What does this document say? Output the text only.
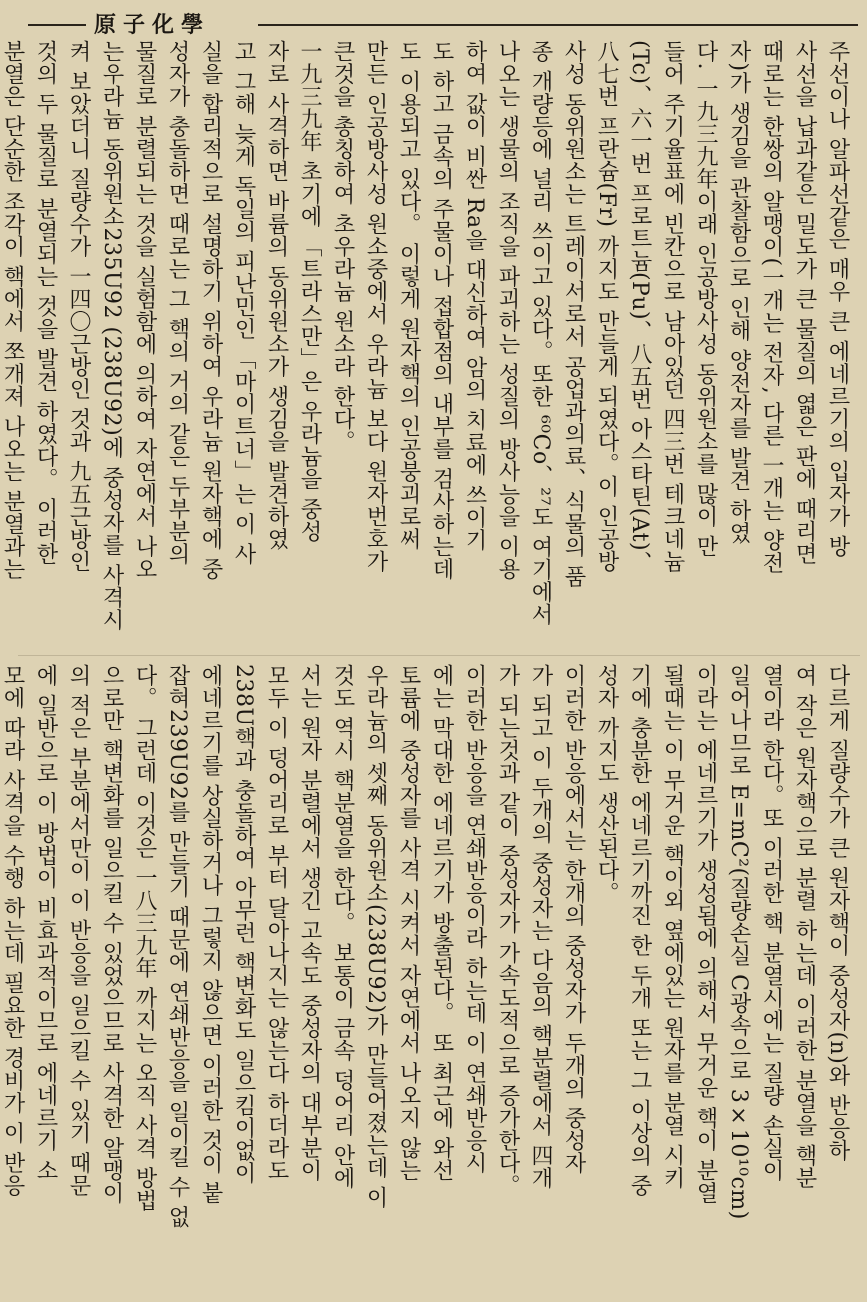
原子化學
주선이나 알파선같은 매우 큰 에네르기의 입자가 방
사선을 납과같은 밀도가 큰 물질의 엷은 판에 때리면
때로는 한쌍의 알맹이(一개는 전자, 다른 一개는 양전
자)가 생김을 관찰함으로 인해 양전자를 발견 하였
다. 一九三九年이래 인공방사성 동위원소를 많이 만
들어 주기율표에 빈칸으로 남아있던 四三번 테크네늄
(Tc)、六一번 프로트늄(Pu)、八五번 아스타틴(At)、
八七번 프란슘(Fr) 까지도 만들게 되였다。이 인공방
사성 동위원소는 트레이서로서 공업과의료、식물의 품
종 개량등에 널리 쓰이고 있다。또한 ⁶⁰Co、²⁷도 여기에서
나오는 생물의 조직을 파괴하는 성질의 방사능을 이용
하여 값이 비싼 Ra을 대신하여 암의 치료에 쓰이기
도 하고 금속의 주물이나 접합점의 내부를 검사하는데
도 이용되고 있다。 이렇게 원자핵의 인공붕괴로써
만든 인공방사성 원소중에서 우라늄 보다 원자번호가
큰것을 총칭하여 초우라늄 원소라 한다。
一九三九年 초기에 「트라스만」은 우라늄을 중성
자로 사격하면 바륨의 동위원소가 생김을 발견하였
고 그해 늦게 독일의 피난민인 「마이트너」는 이 사
실을 합리적으로 설명하기 위하여 우라늄 원자핵에 중
성자가 충돌하면 때로는 그 핵의 거의 같은 두부분의
물질로 분렬되는 것을 실험함에 의하여 자연에서 나오
는우라늄 동위원소235U92 (238U92)에 중성자를 사격시
켜 보았더니 질량수가 一四〇근방인 것과 九五근방인
것의 두 물질로 분열되는 것을 발견 하였다。 이러한
분열은 단순한 조각이 핵에서 쪼개져 나오는 분열과는
다르게 질량수가 큰 원자핵이 중성자(n)와 반응하
여 작은 원자핵으로 분렬 하는데 이러한 분열을 핵분
열이라 한다。또 이러한 핵 분열시에는 질량 손실이
일어나므로 E=mC²(질량손실 C광속으로 3×10¹⁰cm)
이라는 에네르기가 생성됨에 의해서 무거운 핵이 분열
될때는 이 무거운 핵이외 옆에있는 원자를 분열 시키
기에 충분한 에네르기까진 한 두개 또는 그 이상의 중
성자 까지도 생산된다。
이러한 반응에서는 한개의 중성자가 두개의 중성자
가 되고 이 두개의 중성자는 다음의 핵분렬에서 四개
가 되는것과 같이 중성자가 가속도적으로 증가한다。
이러한 반응을 연쇄반응이라 하는데 이 연쇄반응시
에는 막대한 에네르기가 방출된다。 또 최근에 와선
토륨에 중성자를 사격 시켜서 자연에서 나오지 않는
우라늄의 셋째 동위원소(238U92)가 만들어졌는데 이
것도 역시 핵분열을 한다。 보통이 금속 덩어리 안에
서는 원자 분렬에서 생긴 고속도 중성자의 대부분이
모두 이 덩어리로 부터 달아나지는 않는다 하더라도
238U핵과 충돌하여 아무런 핵변화도 일으킴이없이
에네르기를 상실하거나 그렇지 않으면 이러한 것이 붙
잡혀239U92를 만들기 때문에 연쇄반응을 일이킬 수 없
다。 그런데 이것은 一八三九年 까지는 오직 사격 방법
으로만 핵변화를 일으킬 수 있었으므로 사격한 알맹이
의 적은 부분에서만이 이 반응을 일으킬 수 있기 때문
에 일반으로 이 방법이 비효과적이므로 에네르기 소
모에 따라 사격을 수행 하는데 필요한 경비가 이 반응
